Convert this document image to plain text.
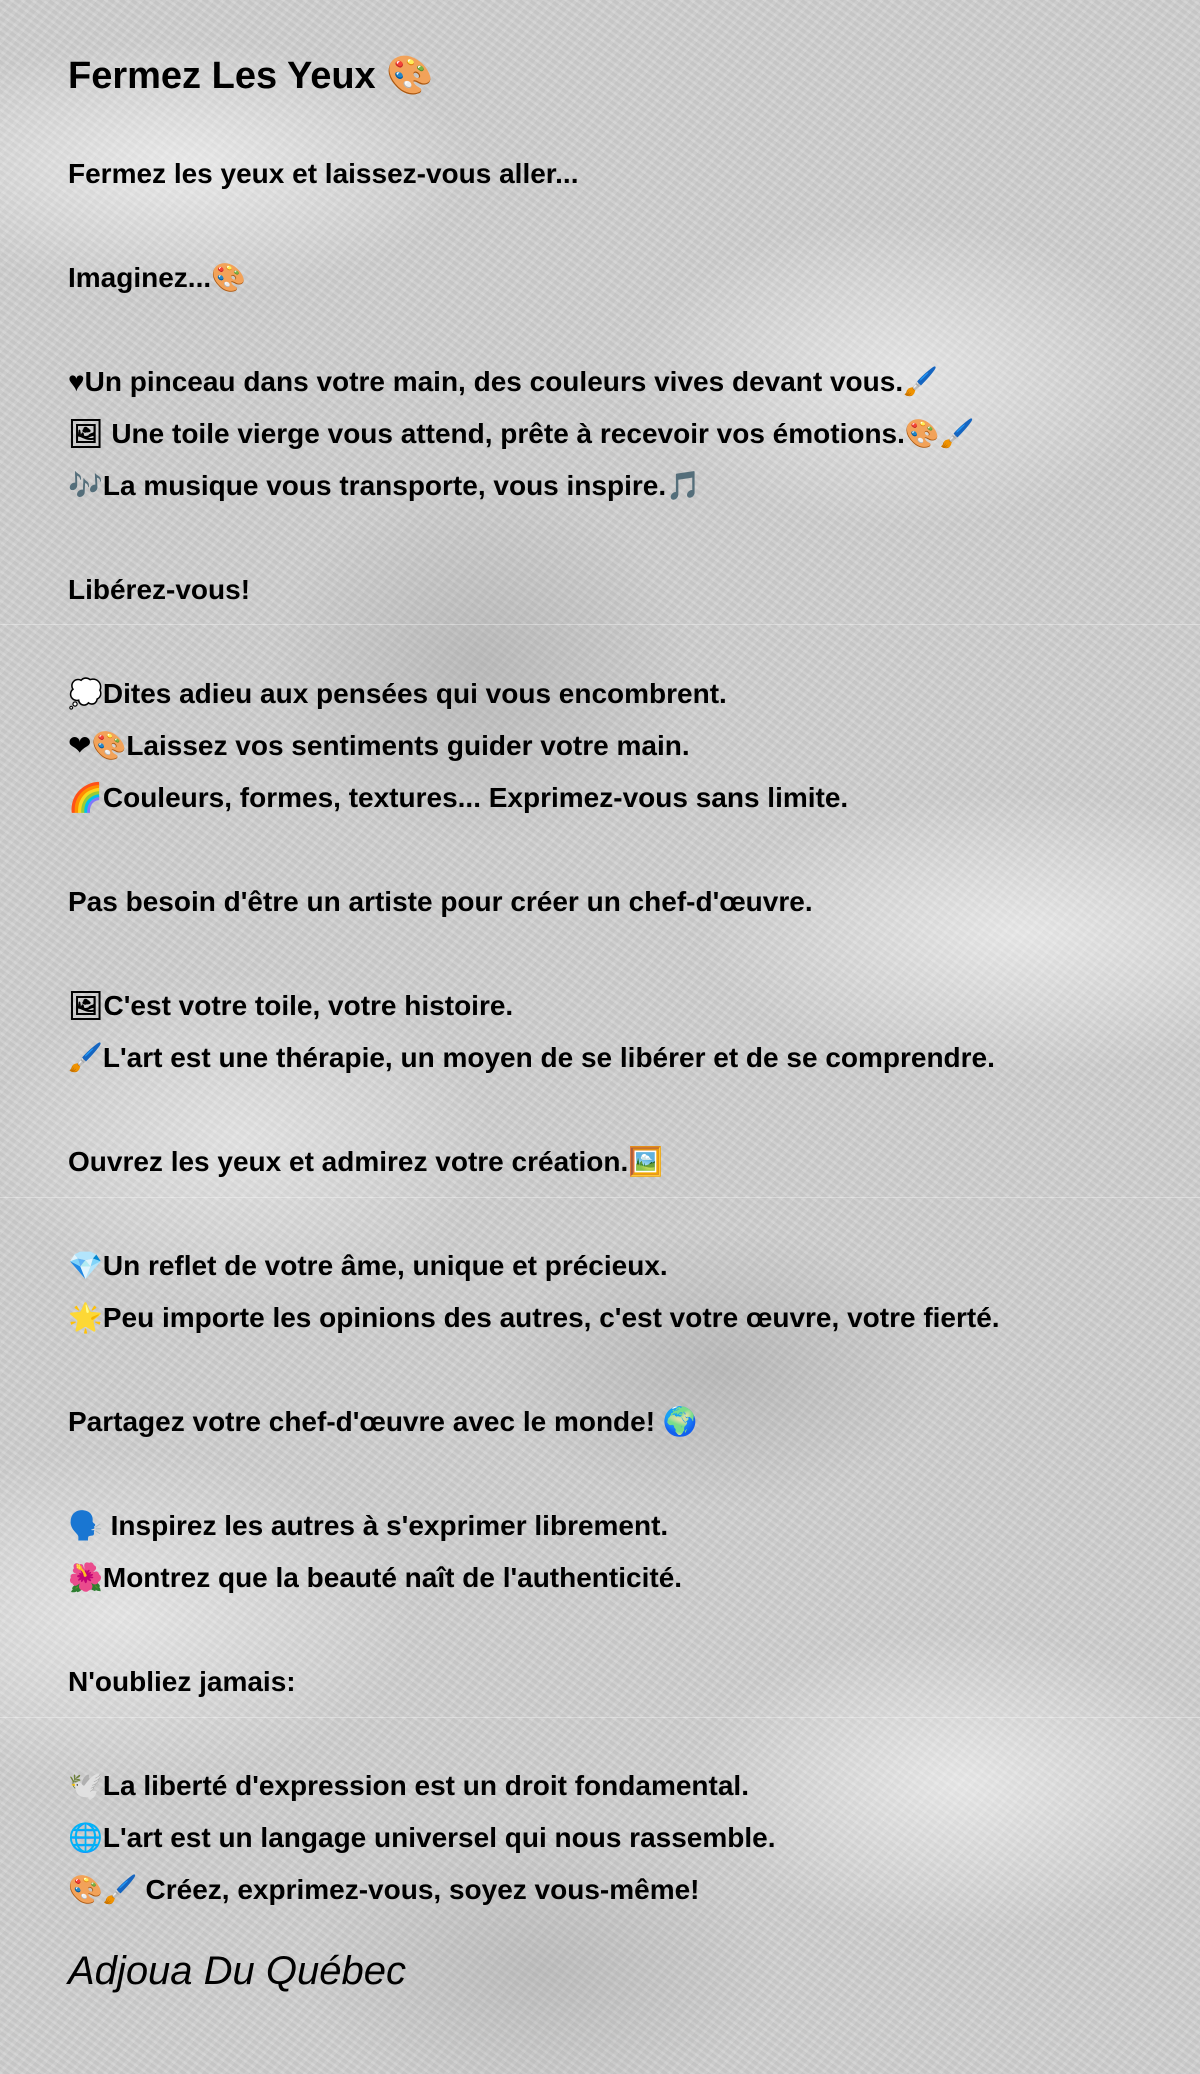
Fermez Les Yeux 🎨
Fermez les yeux et laissez-vous aller...
Imaginez...🎨
♥Un pinceau dans votre main, des couleurs vives devant vous.🖌️
🖼 Une toile vierge vous attend, prête à recevoir vos émotions.🎨🖌️
🎶La musique vous transporte, vous inspire.🎵
Libérez-vous!
💭Dites adieu aux pensées qui vous encombrent.
❤🎨Laissez vos sentiments guider votre main.
🌈Couleurs, formes, textures... Exprimez-vous sans limite.
Pas besoin d'être un artiste pour créer un chef-d'œuvre.
🖼C'est votre toile, votre histoire.
🖌️L'art est une thérapie, un moyen de se libérer et de se comprendre.
Ouvrez les yeux et admirez votre création.🖼️
💎Un reflet de votre âme, unique et précieux.
🌟Peu importe les opinions des autres, c'est votre œuvre, votre fierté.
Partagez votre chef-d'œuvre avec le monde! 🌍
🗣️ Inspirez les autres à s'exprimer librement.
🌺Montrez que la beauté naît de l'authenticité.
N'oubliez jamais:
🕊️La liberté d'expression est un droit fondamental.
🌐L'art est un langage universel qui nous rassemble.
🎨🖌️ Créez, exprimez-vous, soyez vous-même!
Adjoua Du Québec
